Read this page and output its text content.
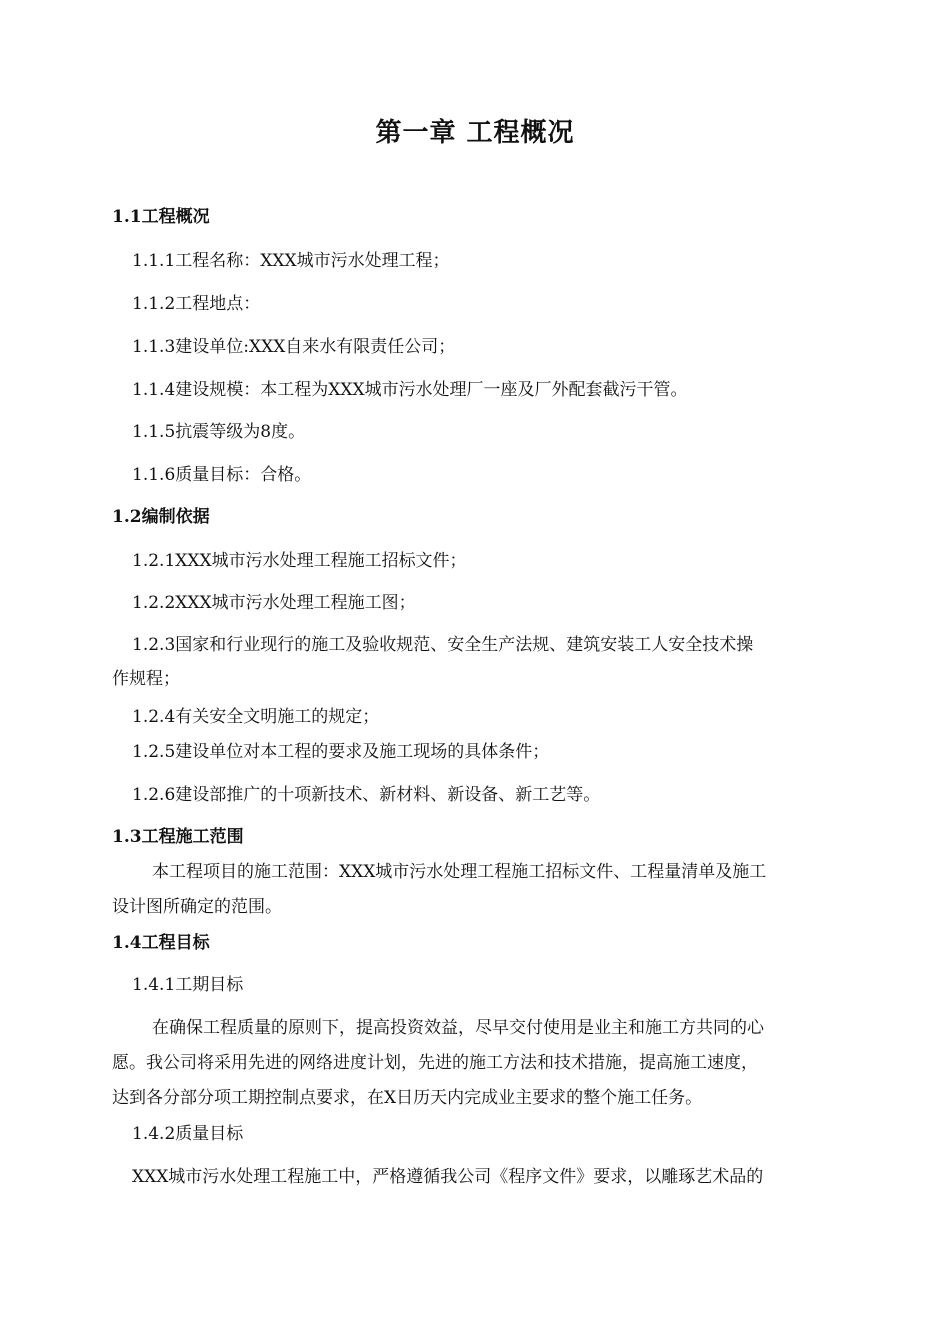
第一章 工程概况

1.1工程概况

1.1.1工程名称：XXX城市污水处理工程；

1.1.2工程地点：

1.1.3建设单位:XXX自来水有限责任公司；

1.1.4建设规模：本工程为XXX城市污水处理厂一座及厂外配套截污干管。

1.1.5抗震等级为8度。

1.1.6质量目标：合格。

1.2编制依据

1.2.1XXX城市污水处理工程施工招标文件；

1.2.2XXX城市污水处理工程施工图；

1.2.3国家和行业现行的施工及验收规范、安全生产法规、建筑安装工人安全技术操

作规程；

1.2.4有关安全文明施工的规定；

1.2.5建设单位对本工程的要求及施工现场的具体条件；

1.2.6建设部推广的十项新技术、新材料、新设备、新工艺等。

1.3工程施工范围

本工程项目的施工范围：XXX城市污水处理工程施工招标文件、工程量清单及施工

设计图所确定的范围。

1.4工程目标

1.4.1工期目标

在确保工程质量的原则下，提高投资效益，尽早交付使用是业主和施工方共同的心

愿。我公司将采用先进的网络进度计划，先进的施工方法和技术措施，提高施工速度，

达到各分部分项工期控制点要求，在X日历天内完成业主要求的整个施工任务。

1.4.2质量目标

XXX城市污水处理工程施工中，严格遵循我公司《程序文件》要求，以雕琢艺术品的
